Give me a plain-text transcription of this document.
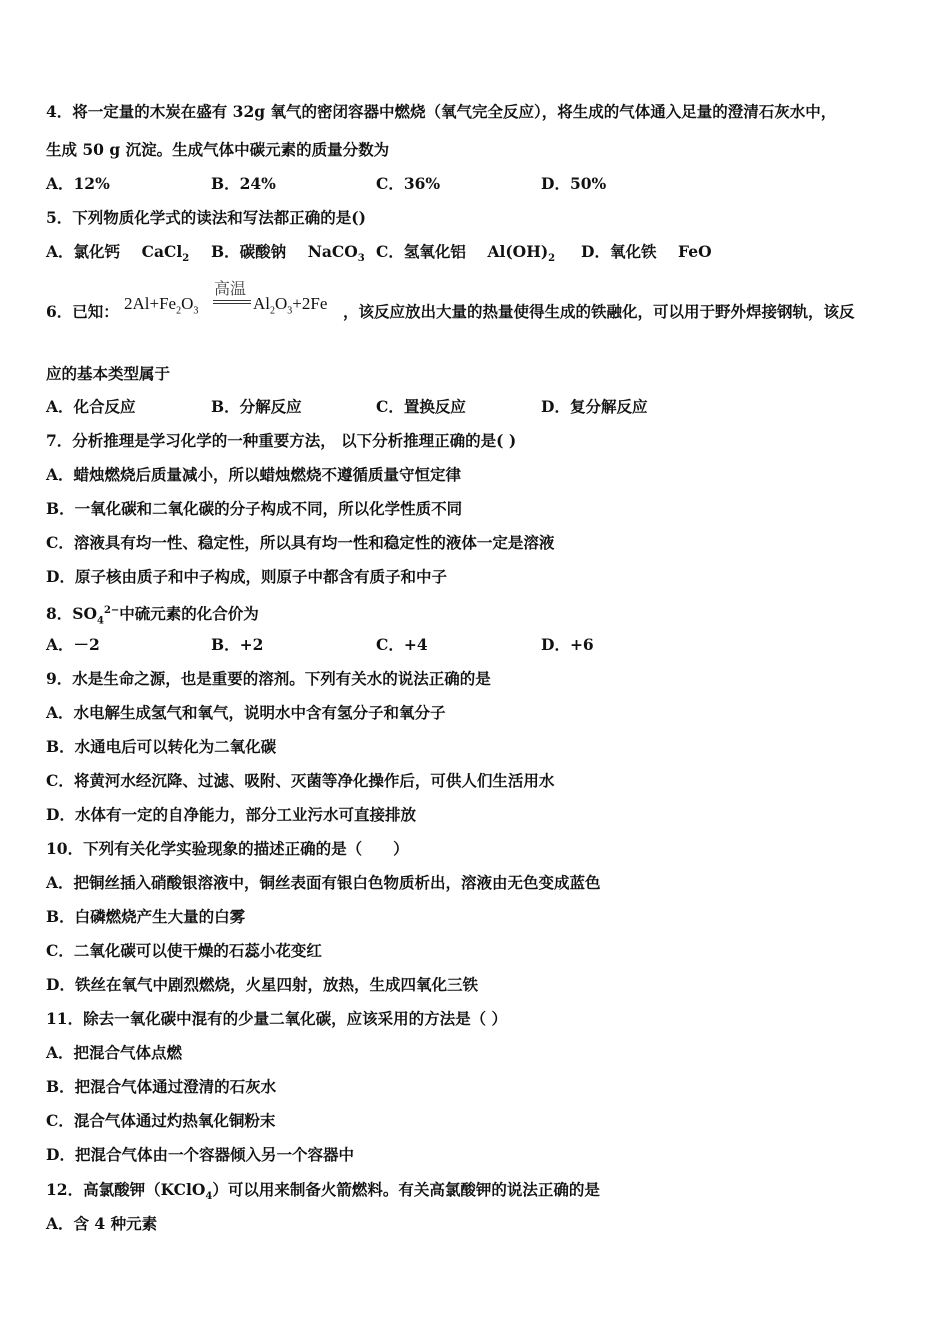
4．将一定量的木炭在盛有 32g 氧气的密闭容器中燃烧（氧气完全反应），将生成的气体通入足量的澄清石灰水中，
生成 50 g 沉淀。生成气体中碳元素的质量分数为
A．12%	B．24%	C．36%	D．50%
5．下列物质化学式的读法和写法都正确的是()
A．氯化钙 CaCl$_2$ B．碳酸钠 NaCO$_3$ C．氢氧化铝 $Al(OH)_2$ D．氧化铁 FeO
6．已知： $2Al+Fe_2O_3$
高温
$Al_2O_3+2Fe$ ，该反应放出大量的热量使得生成的铁融化，可以用于野外焊接钢轨，该反
应的基本类型属于
A．化合反应	B．分解反应	C．置换反应	D．复分解反应
7．分析推理是学习化学的一种重要方法， 以下分析推理正确的是( )
A．蜡烛燃烧后质量减小，所以蜡烛燃烧不遵循质量守恒定律
B．一氧化碳和二氧化碳的分子构成不同，所以化学性质不同
C．溶液具有均一性、稳定性，所以具有均一性和稳定性的液体一定是溶液
D．原子核由质子和中子构成，则原子中都含有质子和中子
8．$SO_4^{2-}$中硫元素的化合价为
A．－2	B．+2	C．+4	D．+6
9．水是生命之源，也是重要的溶剂。下列有关水的说法正确的是
A．水电解生成氢气和氧气，说明水中含有氢分子和氧分子
B．水通电后可以转化为二氧化碳
C．将黄河水经沉降、过滤、吸附、灭菌等净化操作后，可供人们生活用水
D．水体有一定的自净能力，部分工业污水可直接排放
10．下列有关化学实验现象的描述正确的是（　　）
A．把铜丝插入硝酸银溶液中，铜丝表面有银白色物质析出，溶液由无色变成蓝色
B．白磷燃烧产生大量的白雾
C．二氧化碳可以使干燥的石蕊小花变红
D．铁丝在氧气中剧烈燃烧，火星四射，放热，生成四氧化三铁
11．除去一氧化碳中混有的少量二氧化碳，应该采用的方法是（ ）
A．把混合气体点燃
B．把混合气体通过澄清的石灰水
C．混合气体通过灼热氧化铜粉末
D．把混合气体由一个容器倾入另一个容器中
12．高氯酸钾（KClO$_4$）可以用来制备火箭燃料。有关高氯酸钾的说法正确的是
A．含 4 种元素
